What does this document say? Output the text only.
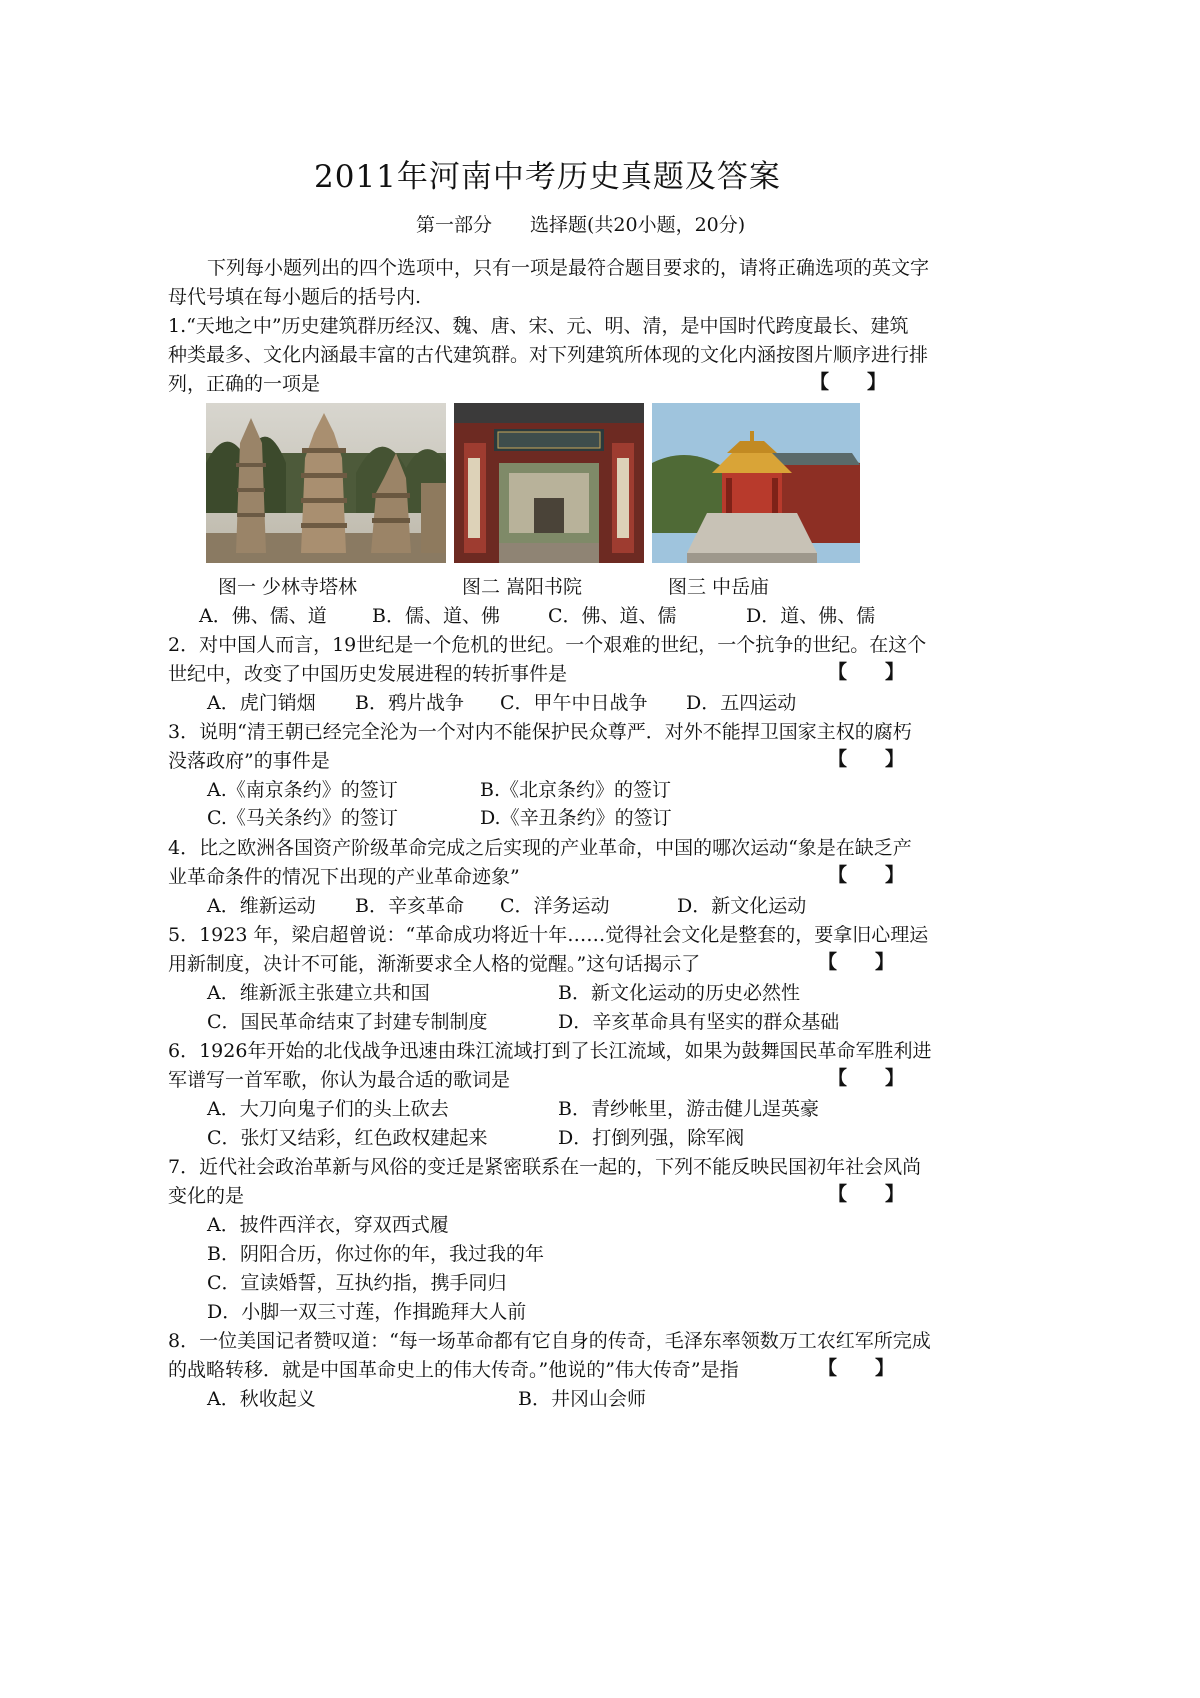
2011年河南中考历史真题及答案
第一部分　　选择题(共20小题，20分)
下列每小题列出的四个选项中，只有一项是最符合题目要求的，请将正确选项的英文字
母代号填在每小题后的括号内.
1.“天地之中”历史建筑群历经汉、魏、唐、宋、元、明、清，是中国时代跨度最长、建筑
种类最多、文化内涵最丰富的古代建筑群。对下列建筑所体现的文化内涵按图片顺序进行排
列，正确的一项是	【　　】
图一 少林寺塔林	图二 嵩阳书院	图三 中岳庙
A．佛、儒、道 B．儒、道、佛	C．佛、道、儒	D．道、佛、儒
2．对中国人而言，19世纪是一个危机的世纪。一个艰难的世纪，一个抗争的世纪。在这个
世纪中，改变了中国历史发展进程的转折事件是	【　　】
A．虎门销烟 B．鸦片战争 C．甲午中日战争 D．五四运动
3．说明“清王朝已经完全沦为一个对内不能保护民众尊严．对外不能捍卫国家主权的腐朽
没落政府”的事件是	【　　】
A.《南京条约》的签订	B.《北京条约》的签订
C.《马关条约》的签订	D.《辛丑条约》的签订
4．比之欧洲各国资产阶级革命完成之后实现的产业革命，中国的哪次运动“象是在缺乏产
业革命条件的情况下出现的产业革命迹象”	【　　】
A．维新运动 B．辛亥革命 C．洋务运动	D．新文化运动
5．1923 年，梁启超曾说：“革命成功将近十年……觉得社会文化是整套的，要拿旧心理运
用新制度，决计不可能，渐渐要求全人格的觉醒。”这句话揭示了	【　　】
A．维新派主张建立共和国	B．新文化运动的历史必然性
C．国民革命结束了封建专制制度	D．辛亥革命具有坚实的群众基础
6．1926年开始的北伐战争迅速由珠江流域打到了长江流域，如果为鼓舞国民革命军胜利进
军谱写一首军歌，你认为最合适的歌词是	【　　】
A．大刀向鬼子们的头上砍去	B．青纱帐里，游击健儿逞英豪
C．张灯又结彩，红色政权建起来	D．打倒列强，除军阀
7．近代社会政治革新与风俗的变迁是紧密联系在一起的，下列不能反映民国初年社会风尚
变化的是	【　　】
A．披件西洋衣，穿双西式履
B．阴阳合历，你过你的年，我过我的年
C．宣读婚誓，互执约指，携手同归
D．小脚一双三寸莲，作揖跪拜大人前
8．一位美国记者赞叹道：“每一场革命都有它自身的传奇，毛泽东率领数万工农红军所完成
的战略转移．就是中国革命史上的伟大传奇。”他说的”伟大传奇”是指	【　　】
A．秋收起义	B．井冈山会师
